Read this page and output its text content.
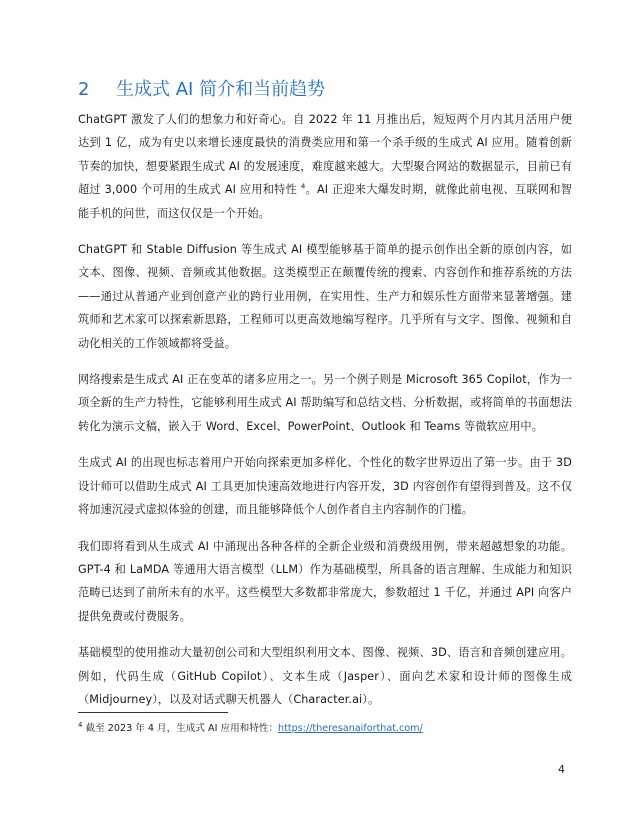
2 生成式 AI 简介和当前趋势

ChatGPT 激发了人们的想象力和好奇心。自 2022 年 11 月推出后，短短两个月内其月活用户便达到 1 亿，成为有史以来增长速度最快的消费类应用和第一个杀手级的生成式 AI 应用。随着创新节奏的加快，想要紧跟生成式 AI 的发展速度，难度越来越大。大型聚合网站的数据显示，目前已有超过 3,000 个可用的生成式 AI 应用和特性 $^4$。AI 正迎来大爆发时期，就像此前电视、互联网和智能手机的问世，而这仅仅是一个开始。

ChatGPT 和 Stable Diffusion 等生成式 AI 模型能够基于简单的提示创作出全新的原创内容，如文本、图像、视频、音频或其他数据。这类模型正在颠覆传统的搜索、内容创作和推荐系统的方法——通过从普通产业到创意产业的跨行业用例，在实用性、生产力和娱乐性方面带来显著增强。建筑师和艺术家可以探索新思路，工程师可以更高效地编写程序。几乎所有与文字、图像、视频和自动化相关的工作领域都将受益。

网络搜索是生成式 AI 正在变革的诸多应用之一。另一个例子则是 Microsoft 365 Copilot，作为一项全新的生产力特性，它能够利用生成式 AI 帮助编写和总结文档、分析数据，或将简单的书面想法转化为演示文稿，嵌入于 Word、Excel、PowerPoint、Outlook 和 Teams 等微软应用中。

生成式 AI 的出现也标志着用户开始向探索更加多样化、个性化的数字世界迈出了第一步。由于 3D 设计师可以借助生成式 AI 工具更加快速高效地进行内容开发，3D 内容创作有望得到普及。这不仅将加速沉浸式虚拟体验的创建，而且能够降低个人创作者自主内容制作的门槛。

我们即将看到从生成式 AI 中涌现出各种各样的全新企业级和消费级用例，带来超越想象的功能。GPT-4 和 LaMDA 等通用大语言模型（LLM）作为基础模型，所具备的语言理解、生成能力和知识范畴已达到了前所未有的水平。这些模型大多数都非常庞大，参数超过 1 千亿，并通过 API 向客户提供免费或付费服务。

基础模型的使用推动大量初创公司和大型组织利用文本、图像、视频、3D、语言和音频创建应用。例如，代码生成（GitHub Copilot）、文本生成（Jasper）、面向艺术家和设计师的图像生成（Midjourney），以及对话式聊天机器人（Character.ai）。

$^4$ 截至 2023 年 4 月，生成式 AI 应用和特性：https://theresanaiforthat.com/
4
